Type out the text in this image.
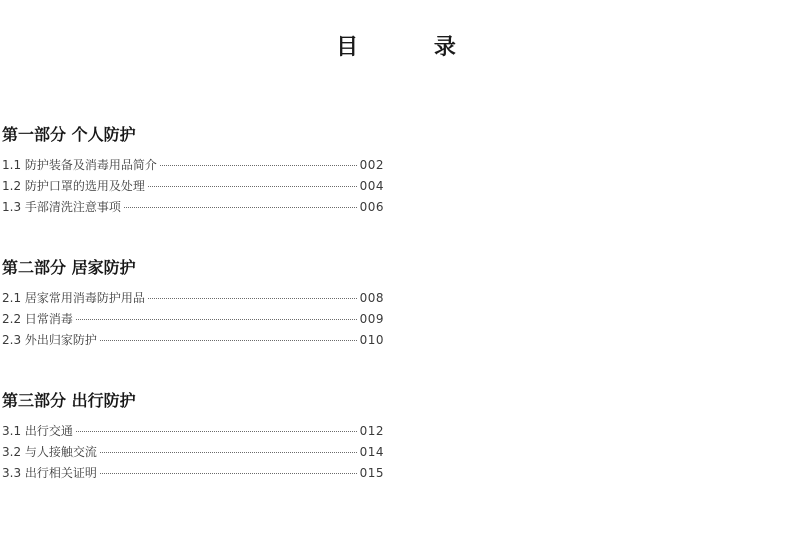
目 录
第一部分 个人防护
1.1 防护装备及消毒用品简介	002
1.2 防护口罩的选用及处理	004
1.3 手部清洗注意事项	006
第二部分 居家防护
2.1 居家常用消毒防护用品	008
2.2 日常消毒	009
2.3 外出归家防护	010
第三部分 出行防护
3.1 出行交通	012
3.2 与人接触交流	014
3.3 出行相关证明	015
